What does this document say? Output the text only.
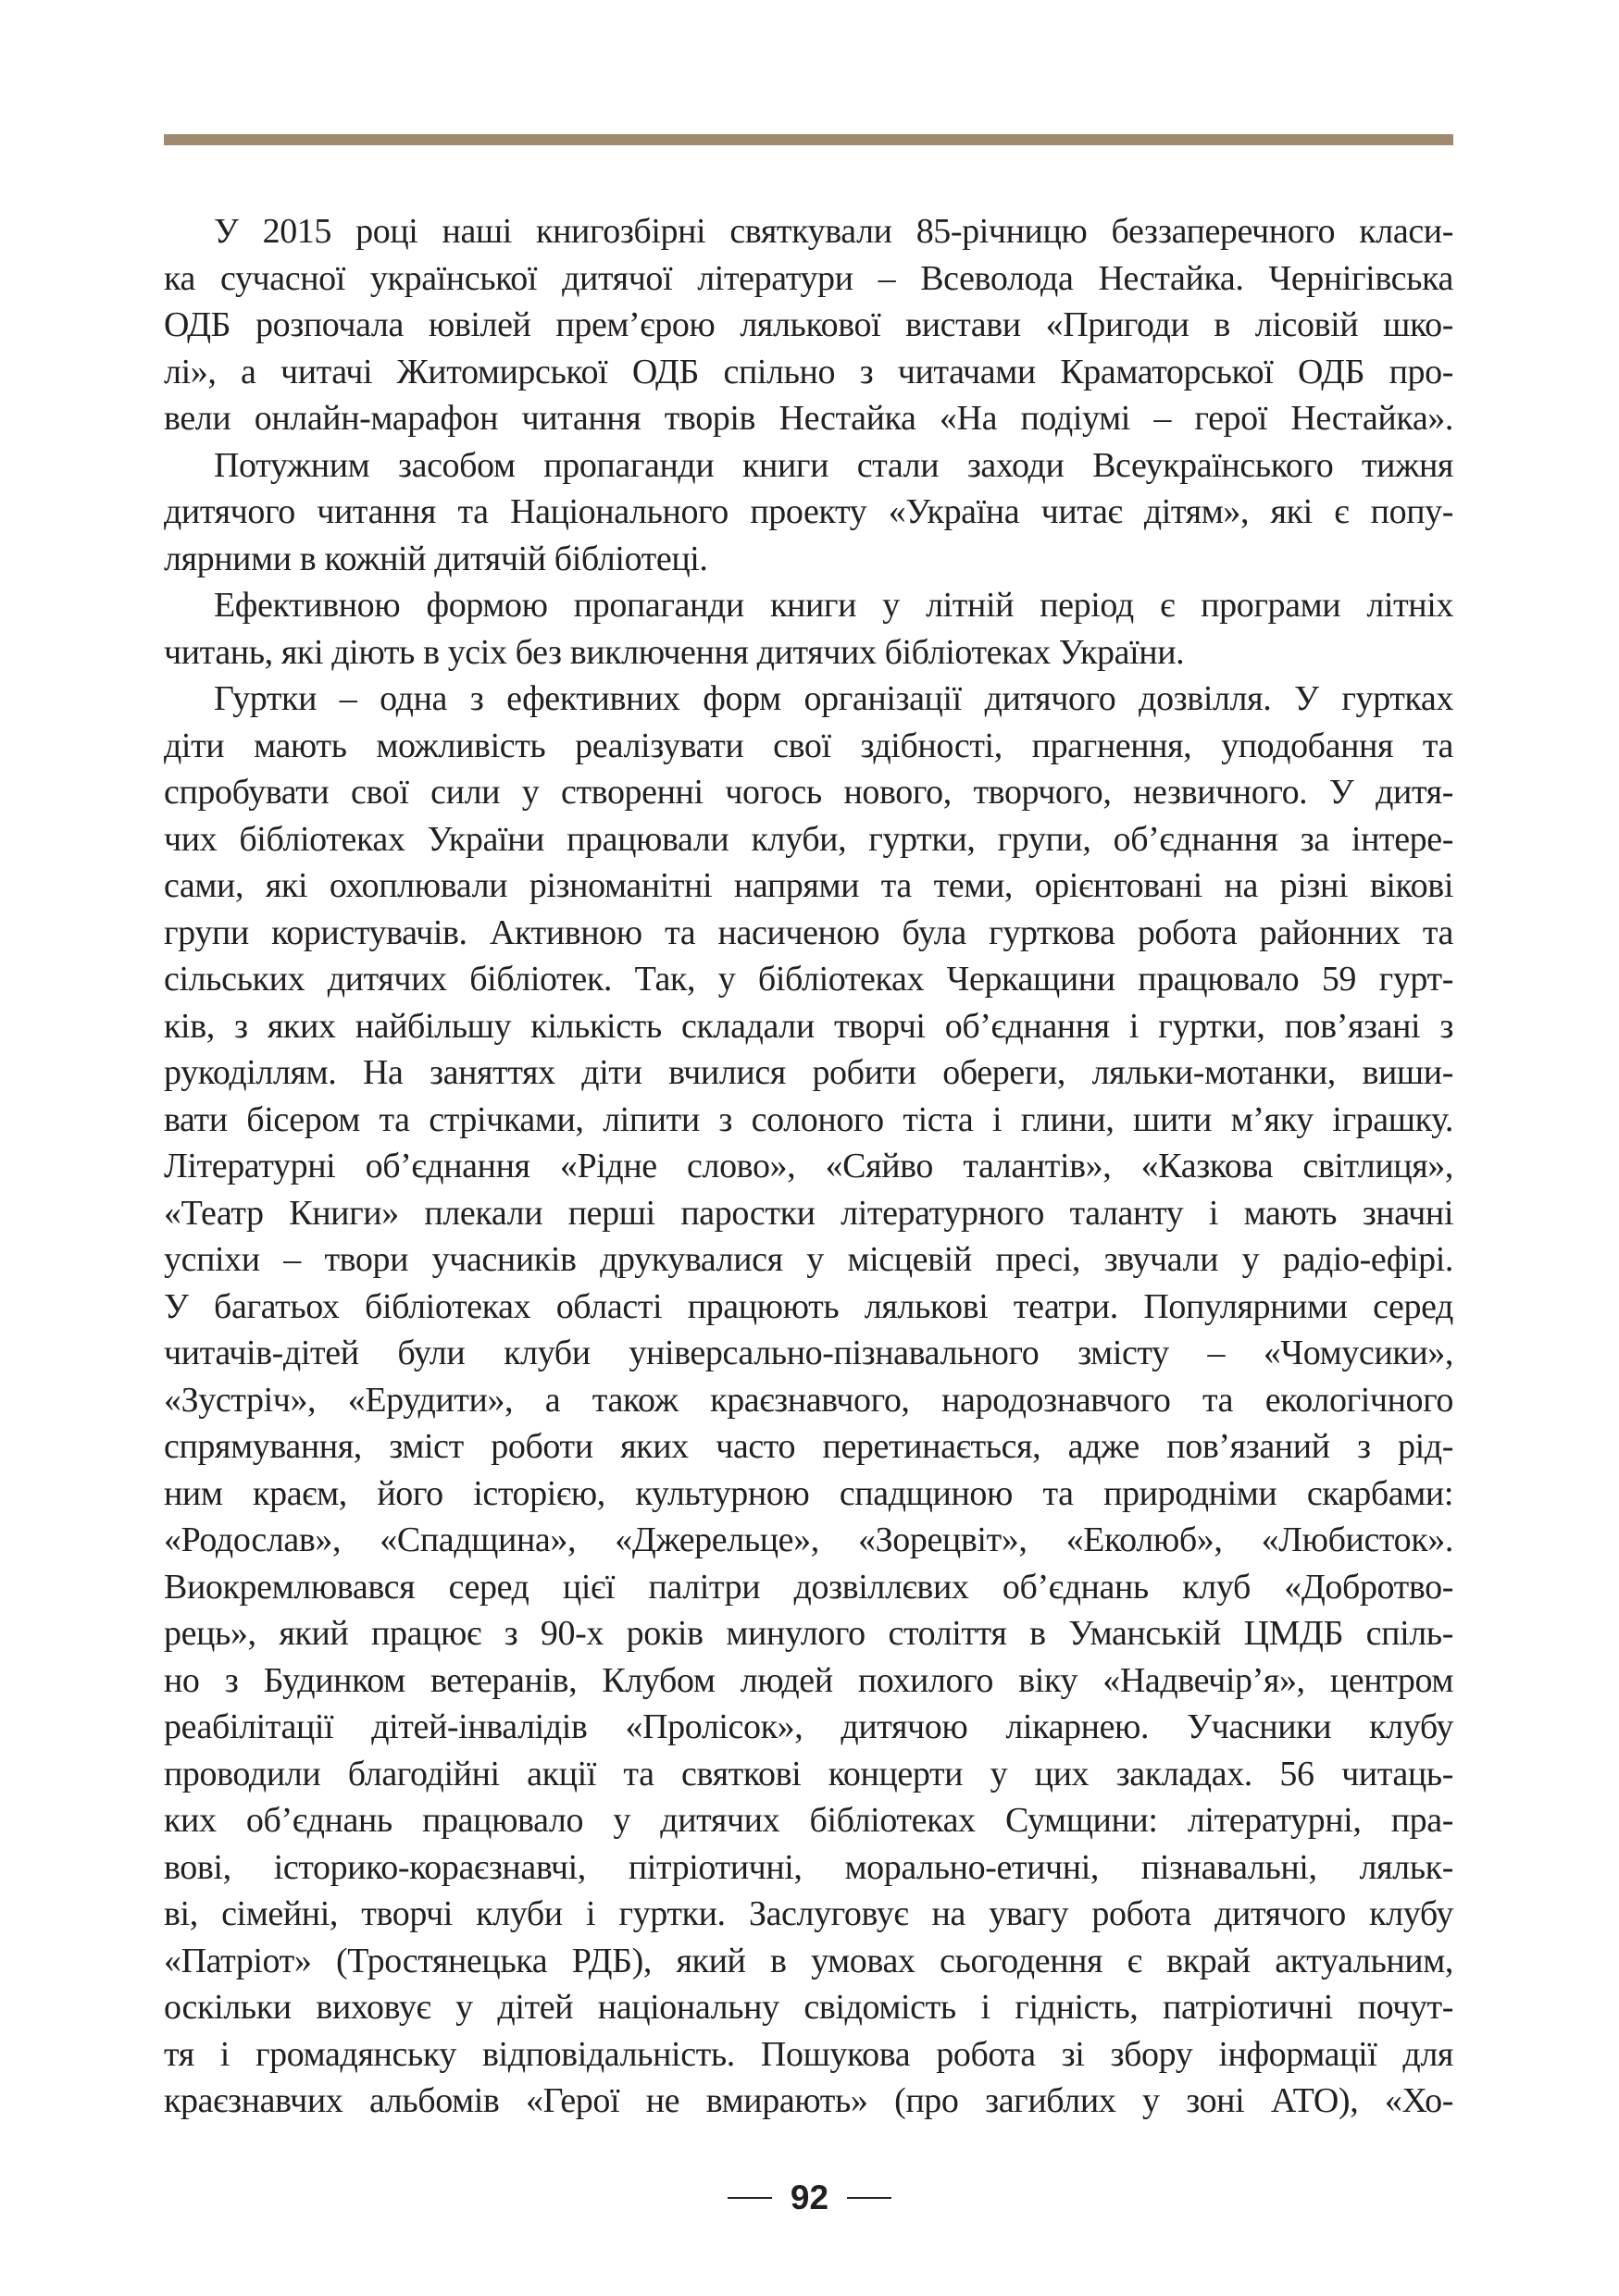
У 2015 році наші книгозбірні святкували 85-річницю беззаперечного класи-
ка сучасної української дитячої літератури – Всеволода Нестайка. Чернігівська
ОДБ розпочала ювілей прем’єрою лялькової вистави «Пригоди в лісовій шко-
лі», а читачі Житомирської ОДБ спільно з читачами Краматорської ОДБ про-
вели онлайн-марафон читання творів Нестайка «На подіумі – герої Нестайка».
Потужним засобом пропаганди книги стали заходи Всеукраїнського тижня
дитячого читання та Національного проекту «Україна читає дітям», які є попу-
лярними в кожній дитячій бібліотеці.
Ефективною формою пропаганди книги у літній період є програми літніх
читань, які діють в усіх без виключення дитячих бібліотеках України.
Гуртки – одна з ефективних форм організації дитячого дозвілля. У гуртках
діти мають можливість реалізувати свої здібності, прагнення, уподобання та
спробувати свої сили у створенні чогось нового, творчого, незвичного. У дитя-
чих бібліотеках України працювали клуби, гуртки, групи, об’єднання за інтере-
сами, які охоплювали різноманітні напрями та теми, орієнтовані на різні вікові
групи користувачів. Активною та насиченою була гурткова робота районних та
сільських дитячих бібліотек. Так, у бібліотеках Черкащини працювало 59 гурт-
ків, з яких найбільшу кількість складали творчі об’єднання і гуртки, пов’язані з
рукоділлям. На заняттях діти вчилися робити обереги, ляльки-мотанки, виши-
вати бісером та стрічками, ліпити з солоного тіста і глини, шити м’яку іграшку.
Літературні об’єднання «Рідне слово», «Сяйво талантів», «Казкова світлиця»,
«Театр Книги» плекали перші паростки літературного таланту і мають значні
успіхи – твори учасників друкувалися у місцевій пресі, звучали у радіо-ефірі.
У багатьох бібліотеках області працюють лялькові театри. Популярними серед
читачів-дітей були клуби універсально-пізнавального змісту – «Чомусики»,
«Зустріч», «Ерудити», а також краєзнавчого, народознавчого та екологічного
спрямування, зміст роботи яких часто перетинається, адже пов’язаний з рід-
ним краєм, його історією, культурною спадщиною та природніми скарбами:
«Родослав», «Спадщина», «Джерельце», «Зорецвіт», «Еколюб», «Любисток».
Виокремлювався серед цієї палітри дозвіллєвих об’єднань клуб «Добротво-
рець», який працює з 90-х років минулого століття в Уманській ЦМДБ спіль-
но з Будинком ветеранів, Клубом людей похилого віку «Надвечір’я», центром
реабілітації дітей-інвалідів «Пролісок», дитячою лікарнею. Учасники клубу
проводили благодійні акції та святкові концерти у цих закладах. 56 читаць-
ких об’єднань працювало у дитячих бібліотеках Сумщини: літературні, пра-
вові, історико-кораєзнавчі, пітріотичні, морально-етичні, пізнавальні, ляльк-
ві, сімейні, творчі клуби і гуртки. Заслуговує на увагу робота дитячого клубу
«Патріот» (Тростянецька РДБ), який в умовах сьогодення є вкрай актуальним,
оскільки виховує у дітей національну свідомість і гідність, патріотичні почут-
тя і громадянську відповідальність. Пошукова робота зі збору інформації для
краєзнавчих альбомів «Герої не вмирають» (про загиблих у зоні АТО), «Хо-
92
